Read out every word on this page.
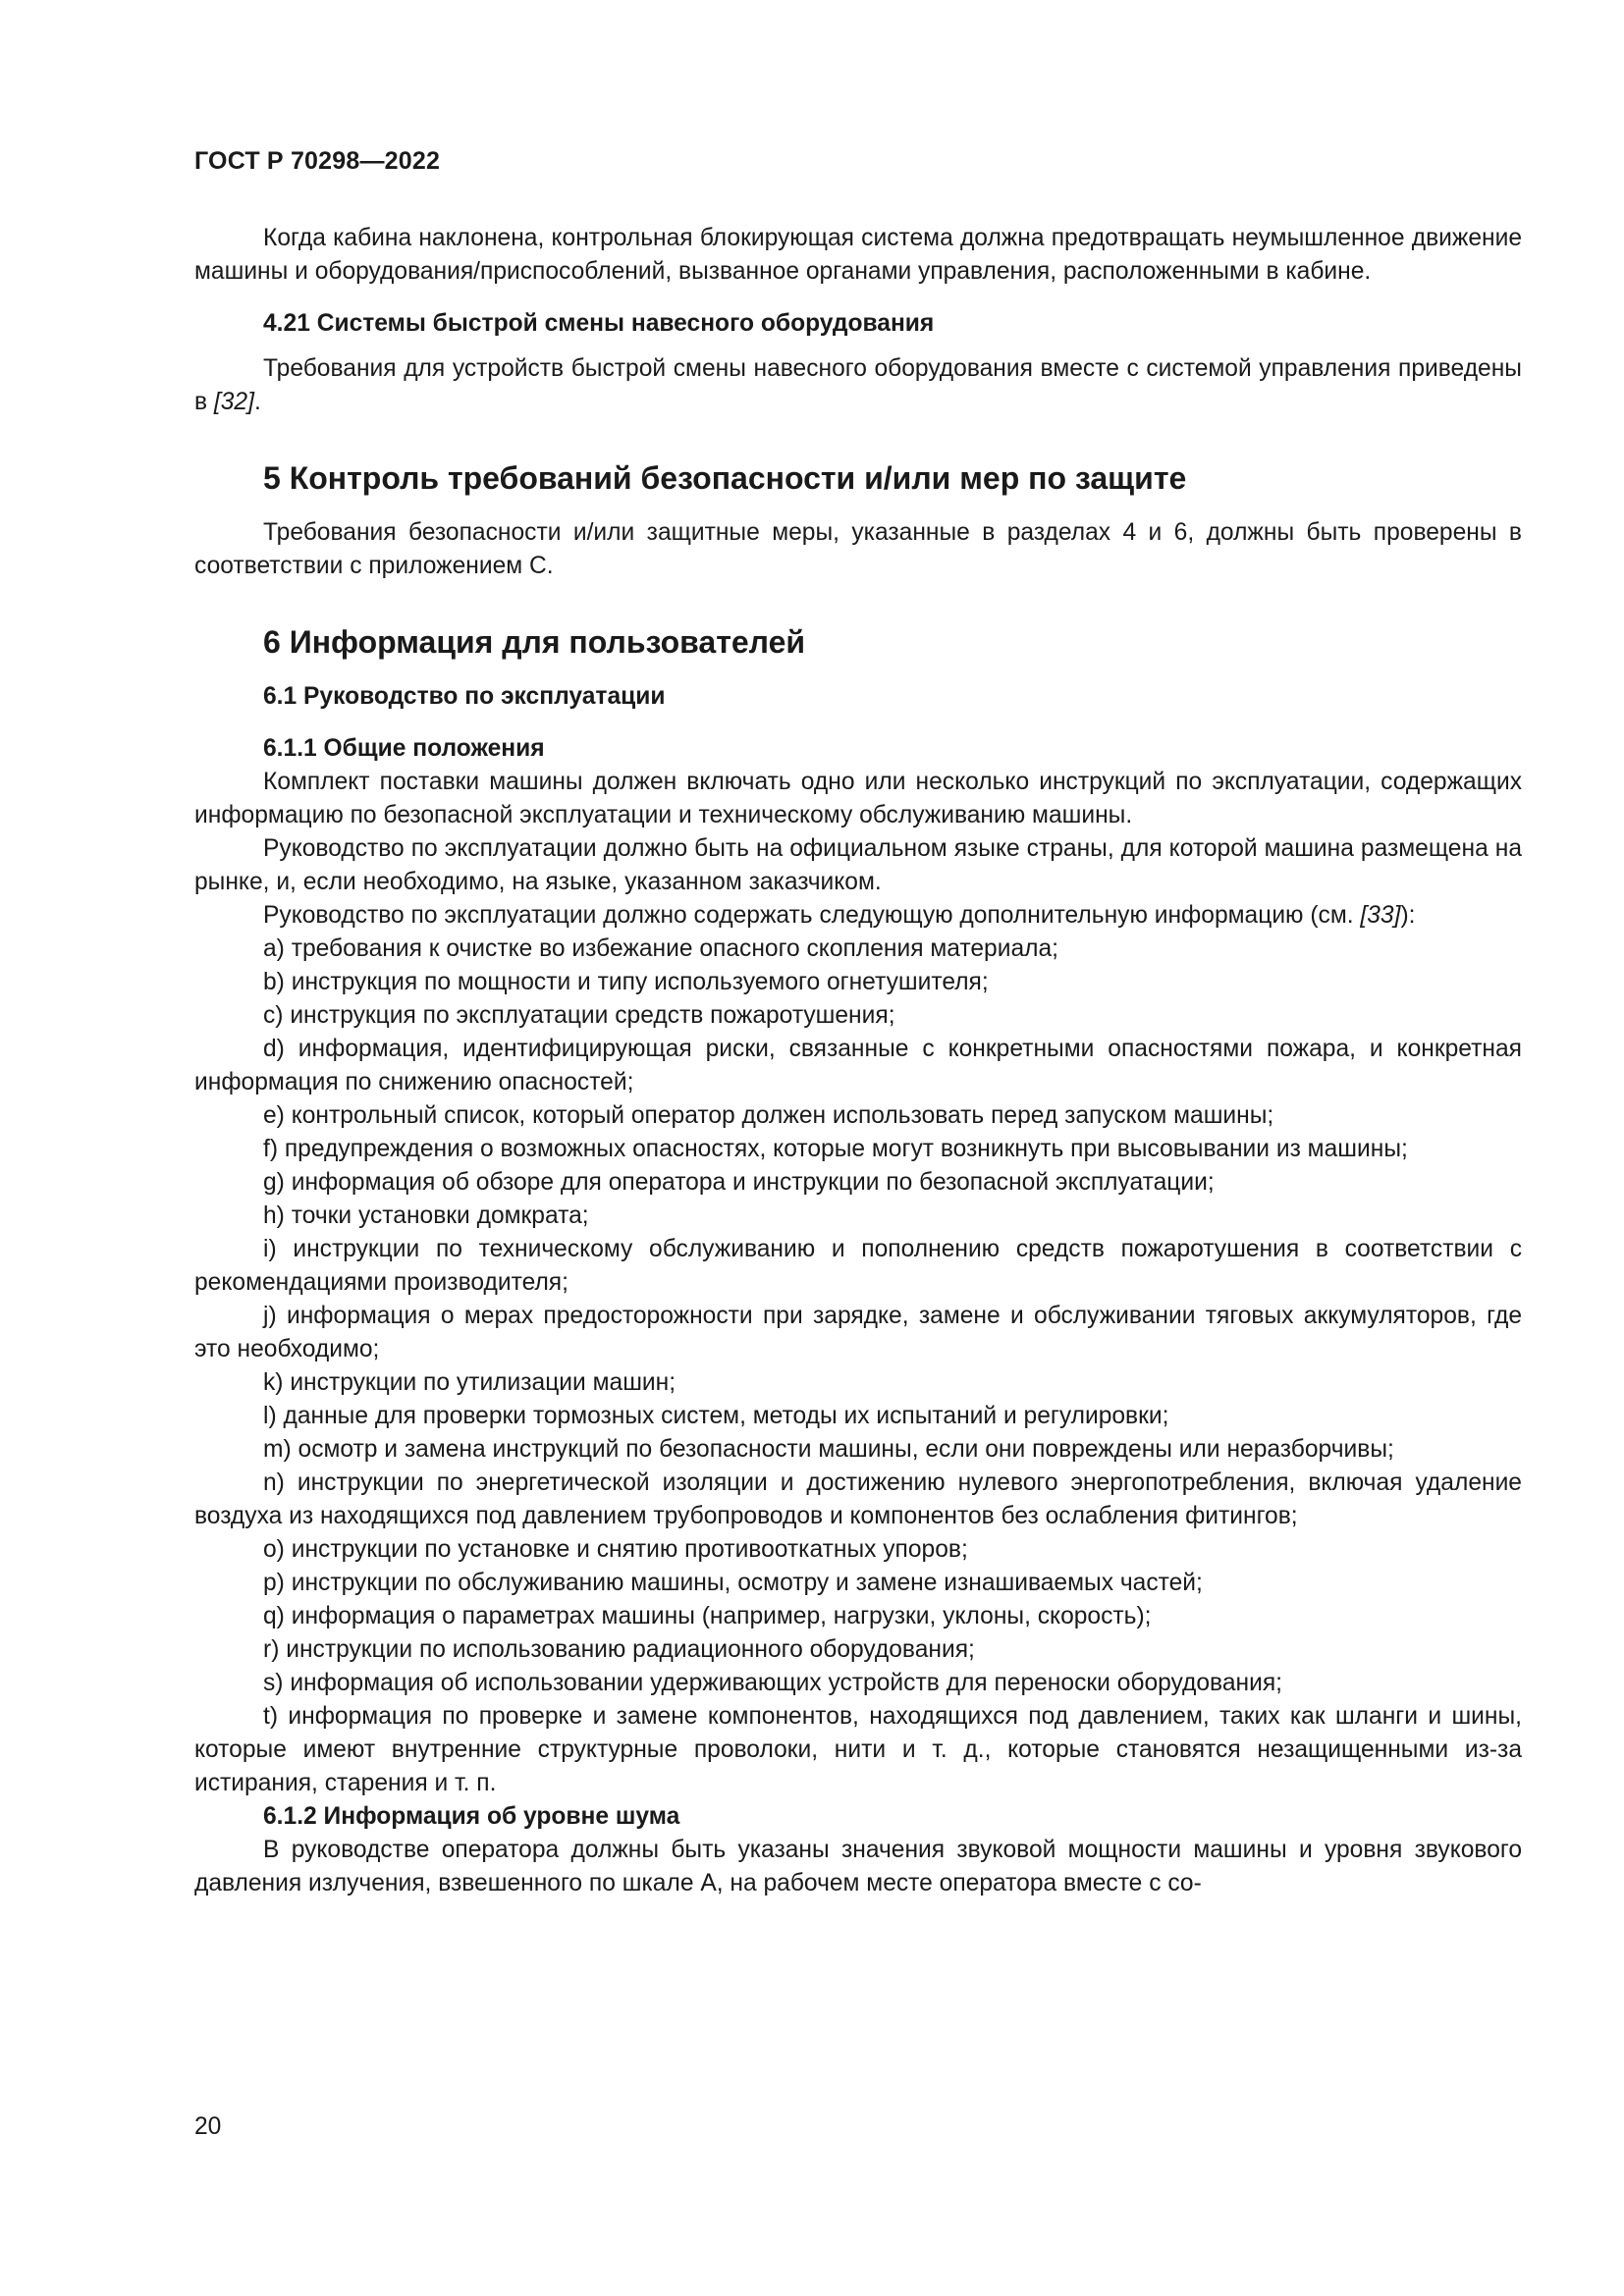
ГОСТ Р 70298—2022

Когда кабина наклонена, контрольная блокирующая система должна предотвращать неумышленное движение машины и оборудования/приспособлений, вызванное органами управления, расположенными в кабине.

4.21 Системы быстрой смены навесного оборудования

Требования для устройств быстрой смены навесного оборудования вместе с системой управления приведены в [32].

5 Контроль требований безопасности и/или мер по защите

Требования безопасности и/или защитные меры, указанные в разделах 4 и 6, должны быть проверены в соответствии с приложением С.

6 Информация для пользователей
6.1 Руководство по эксплуатации
6.1.1 Общие положения

Комплект поставки машины должен включать одно или несколько инструкций по эксплуатации, содержащих информацию по безопасной эксплуатации и техническому обслуживанию машины.

Руководство по эксплуатации должно быть на официальном языке страны, для которой машина размещена на рынке, и, если необходимо, на языке, указанном заказчиком.

Руководство по эксплуатации должно содержать следующую дополнительную информацию (см. [33]):

a) требования к очистке во избежание опасного скопления материала;

b) инструкция по мощности и типу используемого огнетушителя;

c) инструкция по эксплуатации средств пожаротушения;

d) информация, идентифицирующая риски, связанные с конкретными опасностями пожара, и конкретная информация по снижению опасностей;

e) контрольный список, который оператор должен использовать перед запуском машины;

f) предупреждения о возможных опасностях, которые могут возникнуть при высовывании из машины;

g) информация об обзоре для оператора и инструкции по безопасной эксплуатации;

h) точки установки домкрата;

i) инструкции по техническому обслуживанию и пополнению средств пожаротушения в соответствии с рекомендациями производителя;

j) информация о мерах предосторожности при зарядке, замене и обслуживании тяговых аккумуляторов, где это необходимо;

k) инструкции по утилизации машин;

l) данные для проверки тормозных систем, методы их испытаний и регулировки;

m) осмотр и замена инструкций по безопасности машины, если они повреждены или неразборчивы;

n) инструкции по энергетической изоляции и достижению нулевого энергопотребления, включая удаление воздуха из находящихся под давлением трубопроводов и компонентов без ослабления фитингов;

o) инструкции по установке и снятию противооткатных упоров;

p) инструкции по обслуживанию машины, осмотру и замене изнашиваемых частей;

q) информация о параметрах машины (например, нагрузки, уклоны, скорость);

r) инструкции по использованию радиационного оборудования;

s) информация об использовании удерживающих устройств для переноски оборудования;

t) информация по проверке и замене компонентов, находящихся под давлением, таких как шланги и шины, которые имеют внутренние структурные проволоки, нити и т. д., которые становятся незащищенными из-за истирания, старения и т. п.

6.1.2 Информация об уровне шума

В руководстве оператора должны быть указаны значения звуковой мощности машины и уровня звукового давления излучения, взвешенного по шкале А, на рабочем месте оператора вместе с со-

20
